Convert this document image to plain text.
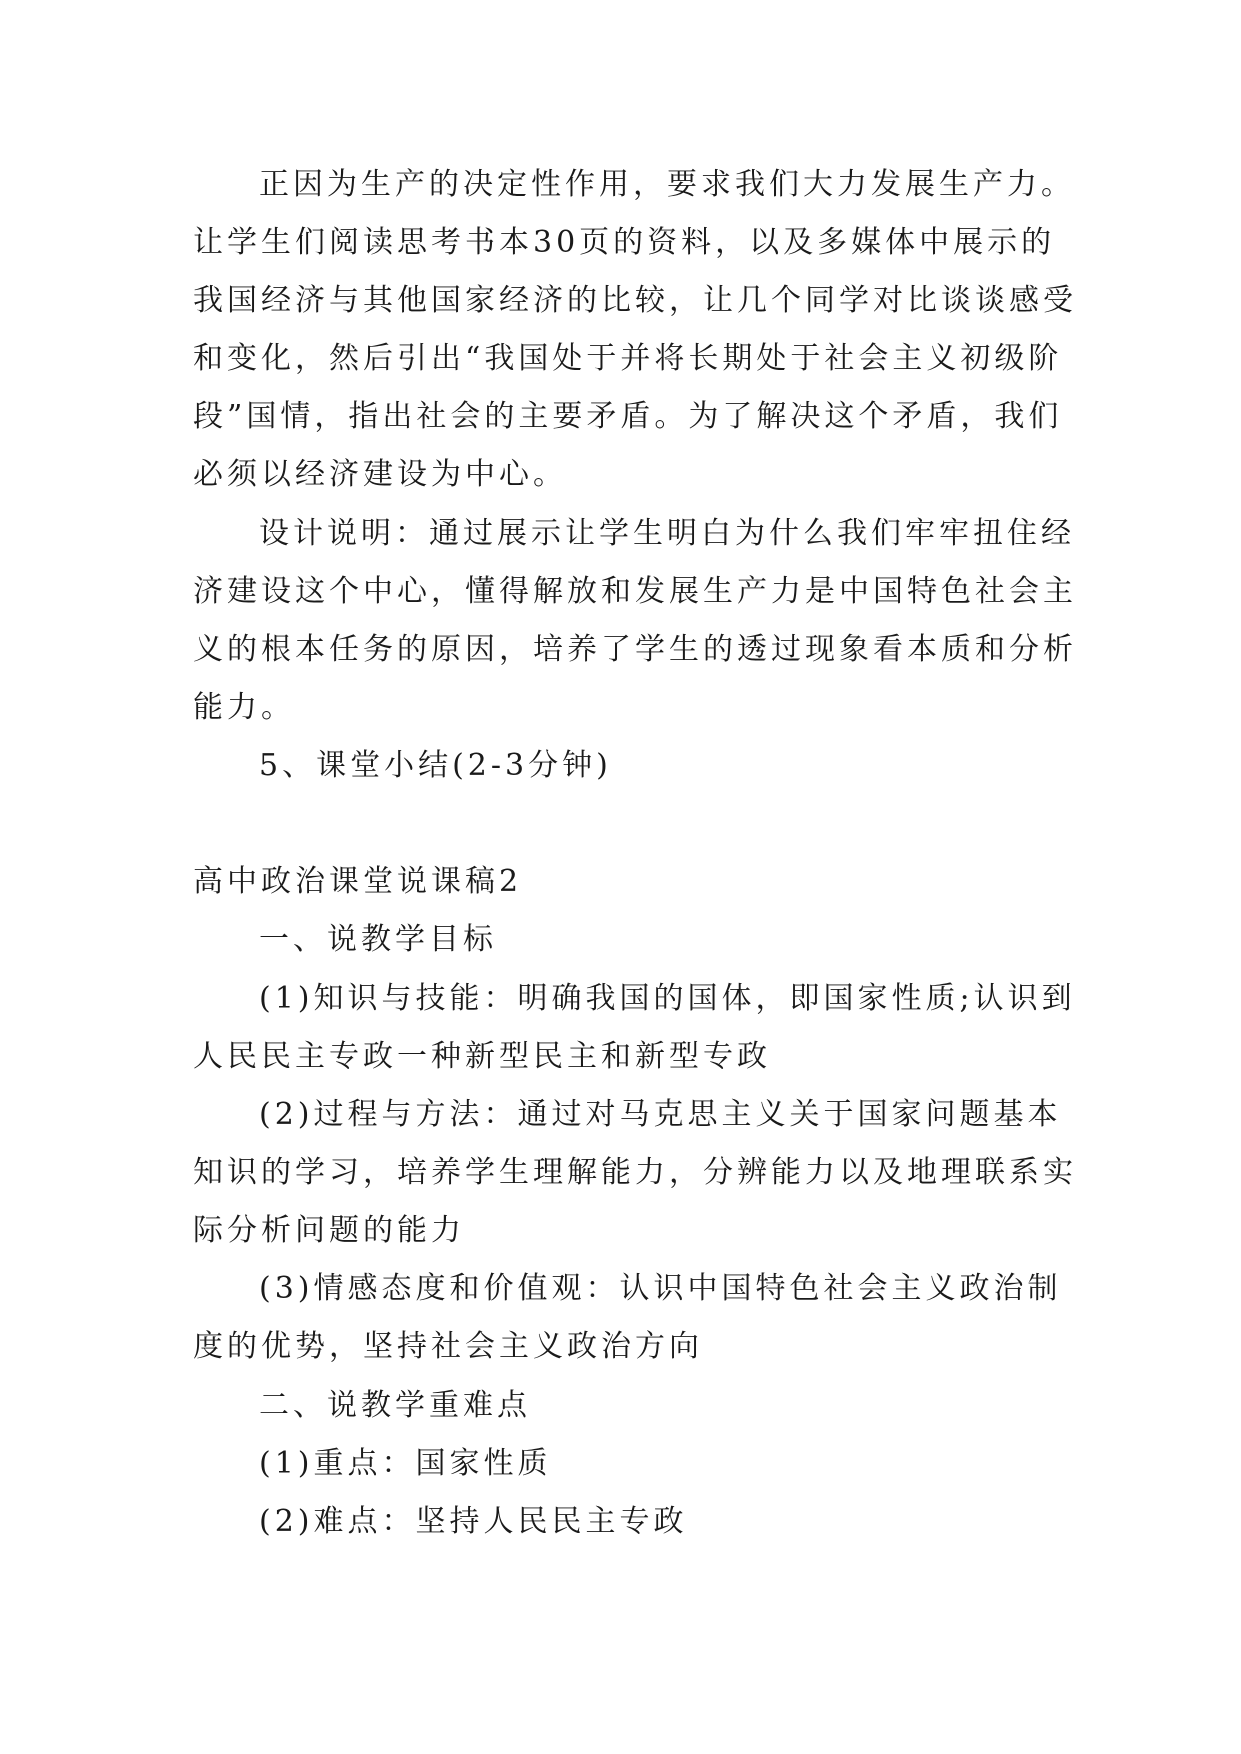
正因为生产的决定性作用，要求我们大力发展生产力。
让学生们阅读思考书本30页的资料，以及多媒体中展示的
我国经济与其他国家经济的比较，让几个同学对比谈谈感受
和变化，然后引出“我国处于并将长期处于社会主义初级阶
段”国情，指出社会的主要矛盾。为了解决这个矛盾，我们
必须以经济建设为中心。
设计说明：通过展示让学生明白为什么我们牢牢扭住经
济建设这个中心，懂得解放和发展生产力是中国特色社会主
义的根本任务的原因，培养了学生的透过现象看本质和分析
能力。
5、课堂小结(2-3分钟)
高中政治课堂说课稿2
一、说教学目标
(1)知识与技能：明确我国的国体，即国家性质;认识到
人民民主专政一种新型民主和新型专政
(2)过程与方法：通过对马克思主义关于国家问题基本
知识的学习，培养学生理解能力，分辨能力以及地理联系实
际分析问题的能力
(3)情感态度和价值观：认识中国特色社会主义政治制
度的优势，坚持社会主义政治方向
二、说教学重难点
(1)重点：国家性质
(2)难点：坚持人民民主专政
